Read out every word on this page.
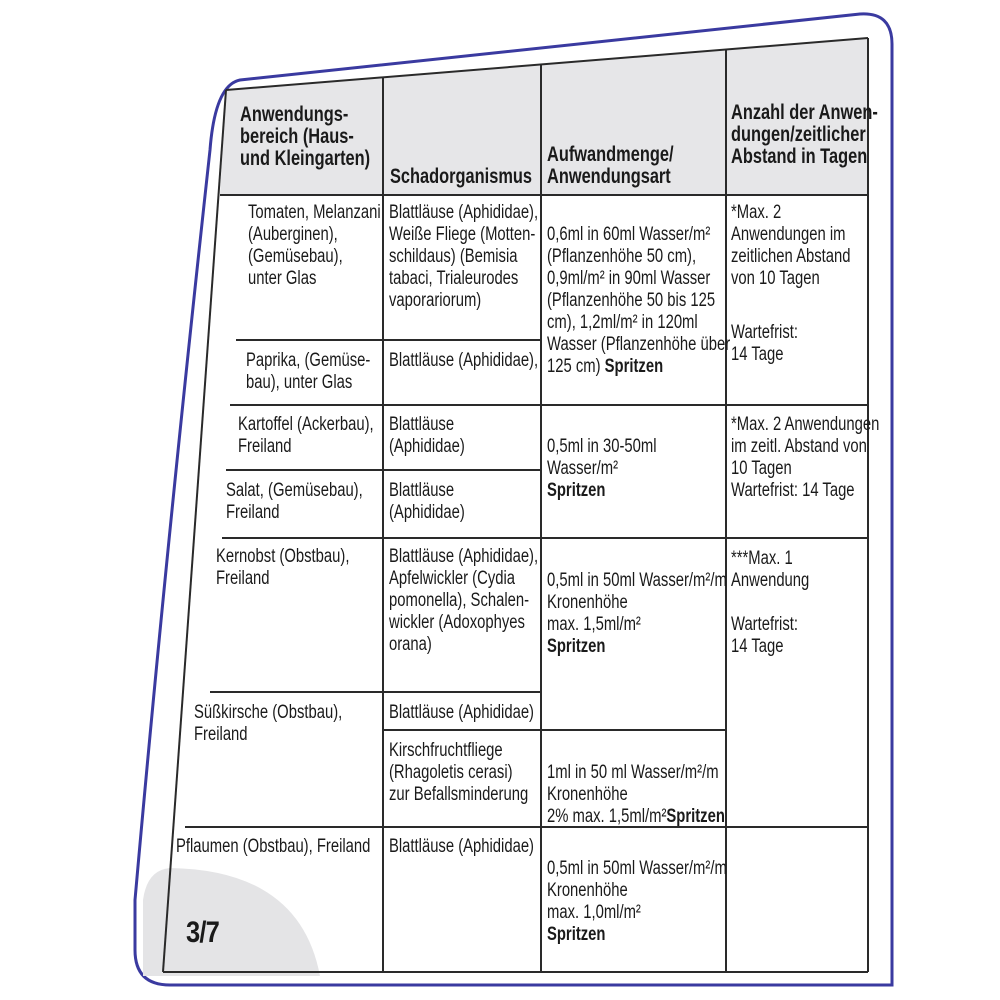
Anwendungs-
bereich (Haus-
und Kleingarten)
Schadorganismus
Aufwandmenge/
Anwendungsart
Anzahl der Anwen-
dungen/zeitlicher
Abstand in Tagen
Tomaten, Melanzani
(Auberginen),
(Gemüsebau),
unter Glas
Blattläuse (Aphididae),
Weiße Fliege (Motten-
schildaus) (Bemisia
tabaci, Trialeurodes
vaporariorum)

0,6ml in 60ml Wasser/m²
(Pflanzenhöhe 50 cm),
0,9ml/m² in 90ml Wasser
(Pflanzenhöhe 50 bis 125
cm), 1,2ml/m² in 120ml
Wasser (Pflanzenhöhe über
125 cm) Spritzen

*Max. 2
Anwendungen im
zeitlichen Abstand
von 10 Tagen
Wartefrist:
14 Tage
Paprika, (Gemüse-
bau), unter Glas
Blattläuse (Aphididae),
Kartoffel (Ackerbau),
Freiland
Blattläuse
(Aphididae)	0,5ml in 30-50ml
Wasser/m²
Spritzen

*Max. 2 Anwendungen
im zeitl. Abstand von
10 Tagen
Wartefrist: 14 Tage
Salat, (Gemüsebau),
Freiland
Blattläuse
(Aphididae)
Kernobst (Obstbau),
Freiland
Blattläuse (Aphididae),
Apfelwickler (Cydia
pomonella), Schalen-
wickler (Adoxophyes
orana)

0,5ml in 50ml Wasser/m²/m
Kronenhöhe
max. 1,5ml/m²
Spritzen

***Max. 1
Anwendung
Wartefrist:
14 Tage
Süßkirsche (Obstbau),
Freiland
Blattläuse (Aphididae)
Kirschfruchtfliege
(Rhagoletis cerasi)
zur Befallsminderung

1ml in 50 ml Wasser/m²/m
Kronenhöhe
2% max. 1,5ml/m²Spritzen

Pflaumen (Obstbau), Freiland Blattläuse (Aphididae)

0,5ml in 50ml Wasser/m²/m
Kronenhöhe
max. 1,0ml/m²
Spritzen

3/7
